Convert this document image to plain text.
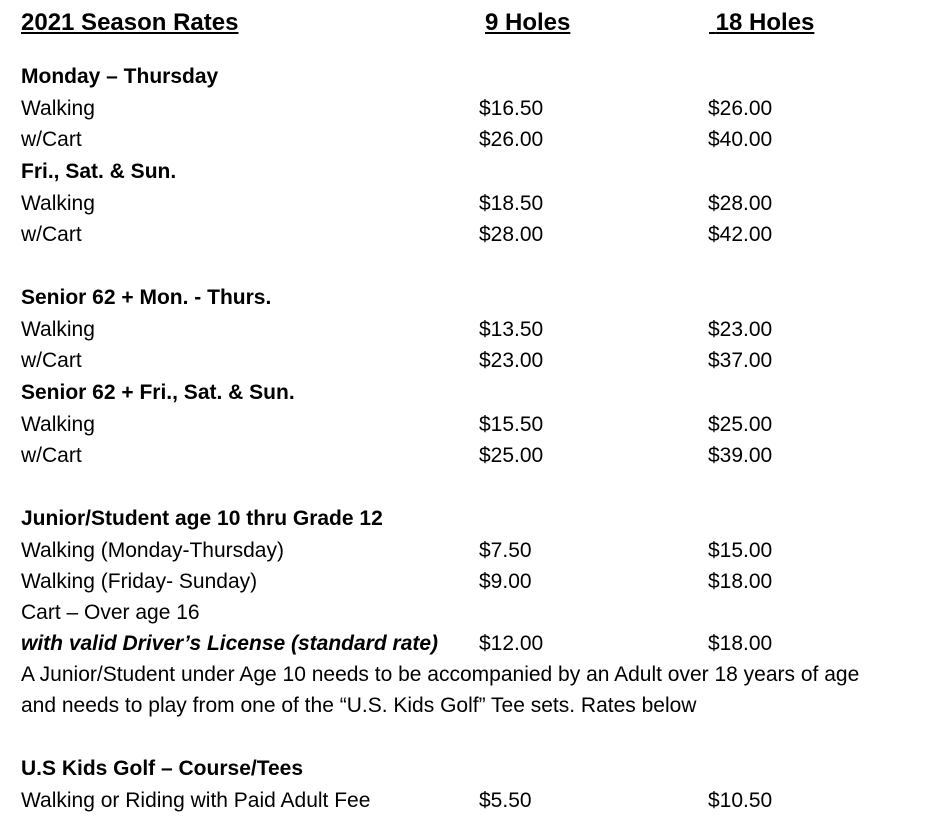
2021 Season Rates	9 Holes	18 Holes
Monday – Thursday
Walking	$16.50	$26.00
w/Cart	$26.00	$40.00
Fri., Sat. & Sun.
Walking	$18.50	$28.00
w/Cart	$28.00	$42.00
Senior 62 + Mon. - Thurs.
Walking	$13.50	$23.00
w/Cart	$23.00	$37.00
Senior 62 + Fri., Sat. & Sun.
Walking	$15.50	$25.00
w/Cart	$25.00	$39.00
Junior/Student age 10 thru Grade 12
Walking (Monday-Thursday)	$7.50	$15.00
Walking (Friday- Sunday)	$9.00	$18.00
Cart – Over age 16
with valid Driver’s License (standard rate) $12.00	$18.00
A Junior/Student under Age 10 needs to be accompanied by an Adult over 18 years of age
and needs to play from one of the “U.S. Kids Golf” Tee sets. Rates below
U.S Kids Golf – Course/Tees
Walking or Riding with Paid Adult Fee	$5.50	$10.50
